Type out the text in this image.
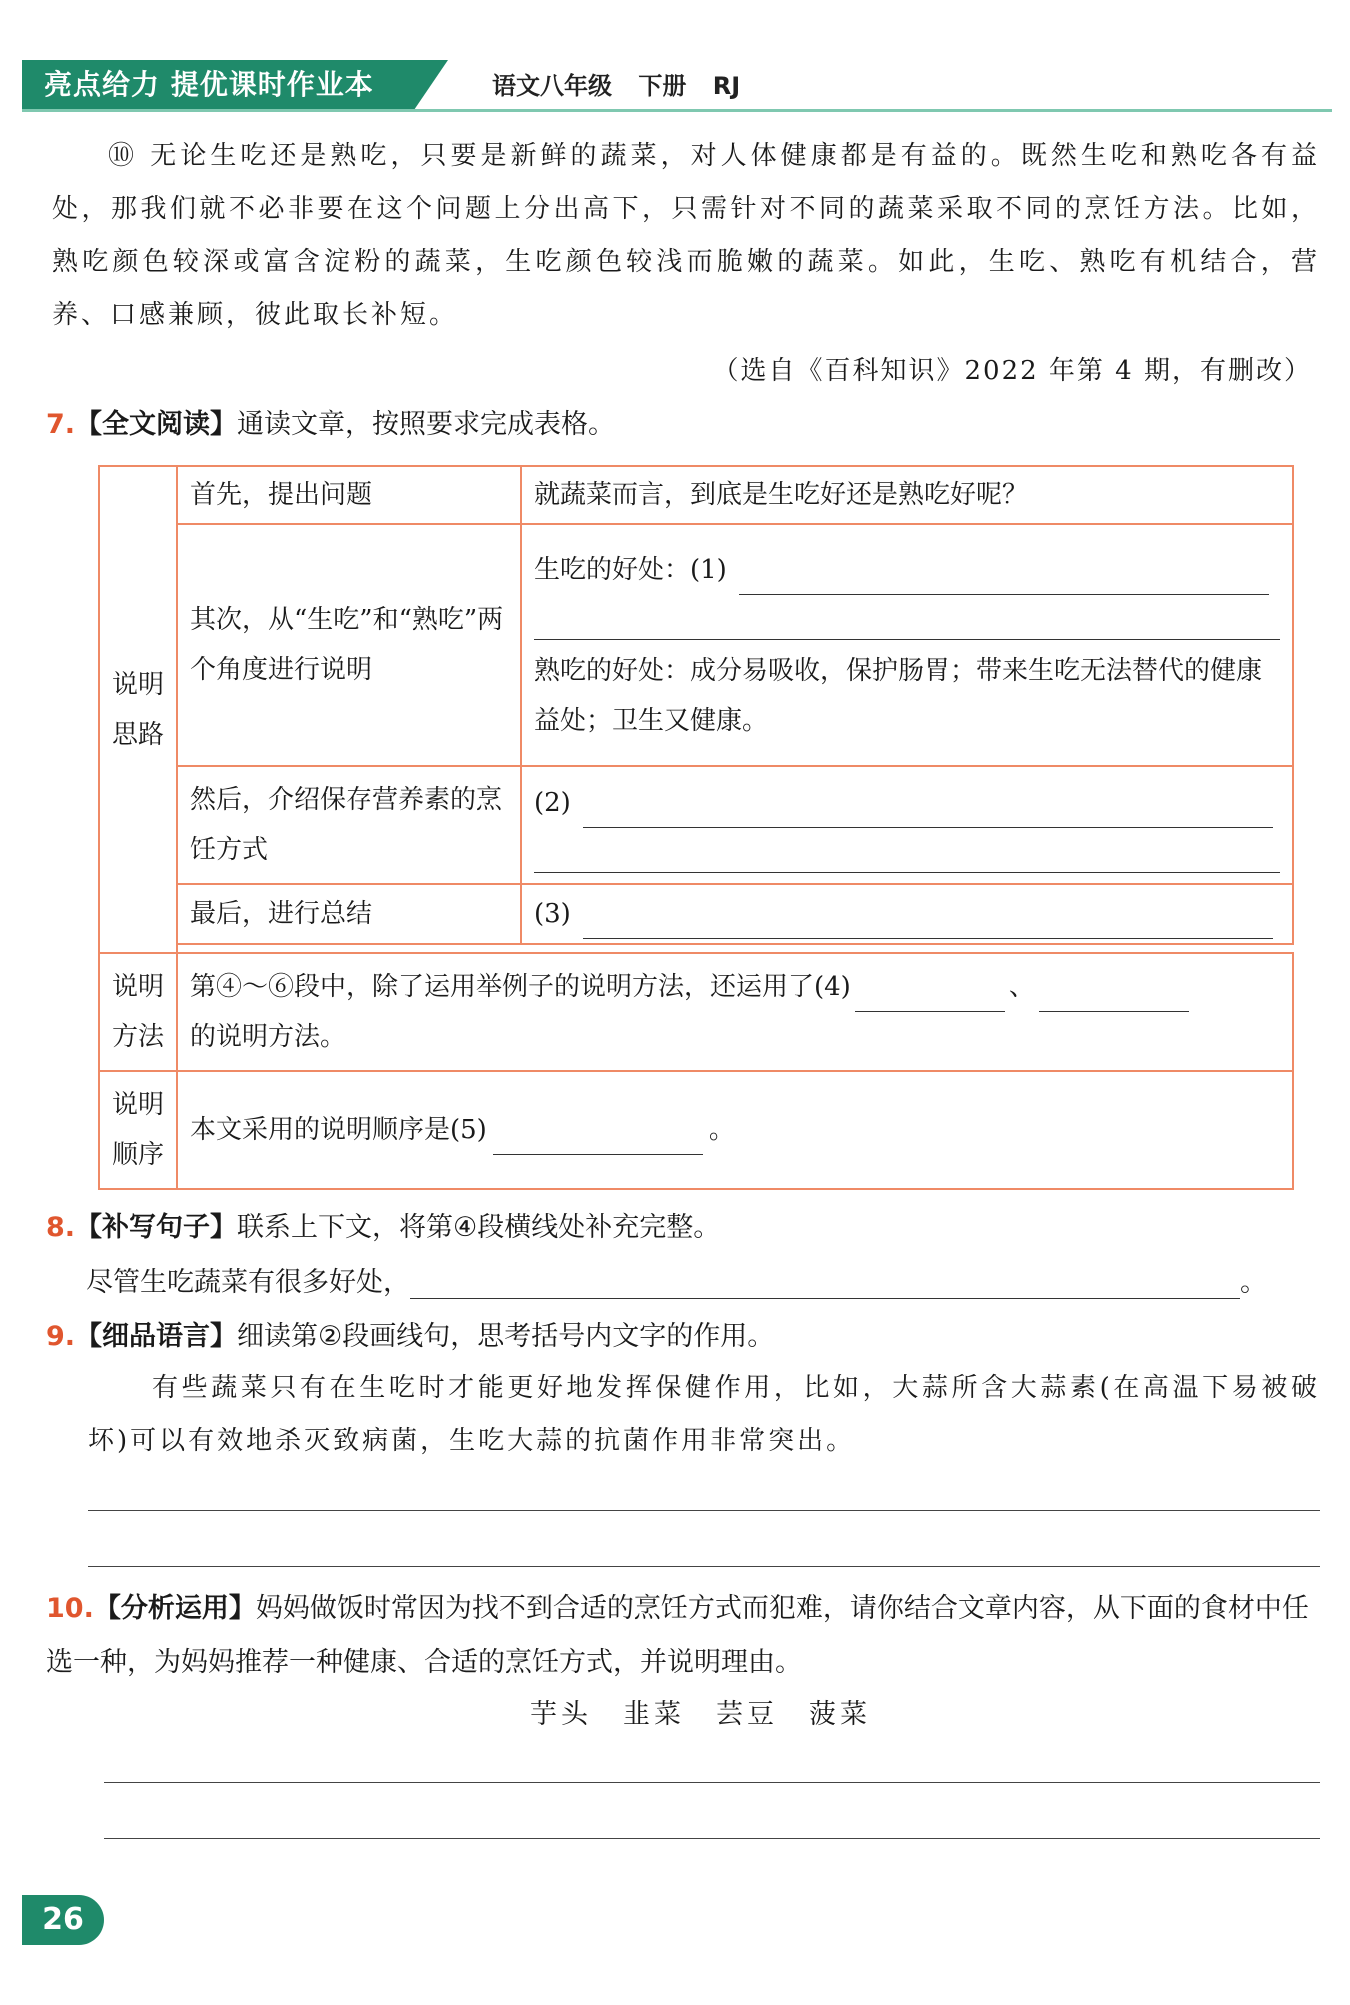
亮点给力 提优课时作业本	语文八年级 下册 RJ
⑩ 无论生吃还是熟吃，只要是新鲜的蔬菜，对人体健康都是有益的。既然生吃和熟吃各有益处，那我们就不必非要在这个问题上分出高下，只需针对不同的蔬菜采取不同的烹饪方法。比如，熟吃颜色较深或富含淀粉的蔬菜，生吃颜色较浅而脆嫩的蔬菜。如此，生吃、熟吃有机结合，营养、口感兼顾，彼此取长补短。
（选自《百科知识》2022 年第 4 期，有删改）
7.【全文阅读】通读文章，按照要求完成表格。
说明思路	首先，提出问题	就蔬菜而言，到底是生吃好还是熟吃好呢？
	其次，从“生吃”和“熟吃”两个角度进行说明	生吃的好处：(1)
熟吃的好处：成分易吸收，保护肠胃；带来生吃无法替代的健康益处；卫生又健康。

	然后，介绍保存营养素的烹饪方式	(2)

	最后，进行总结	(3)

说明方法	第④～⑥段中，除了运用举例子的说明方法，还运用了(4) 、
的说明方法。	
说明顺序	本文采用的说明顺序是(5) 。	
8.【补写句子】联系上下文，将第④段横线处补充完整。
尽管生吃蔬菜有很多好处，	。
9.【细品语言】细读第②段画线句，思考括号内文字的作用。
有些蔬菜只有在生吃时才能更好地发挥保健作用，比如，大蒜所含大蒜素(在高温下易被破坏)可以有效地杀灭致病菌，生吃大蒜的抗菌作用非常突出。
10.【分析运用】妈妈做饭时常因为找不到合适的烹饪方式而犯难，请你结合文章内容，从下面的食材中任选一种，为妈妈推荐一种健康、合适的烹饪方式，并说明理由。
芋头　韭菜　芸豆　菠菜
26
